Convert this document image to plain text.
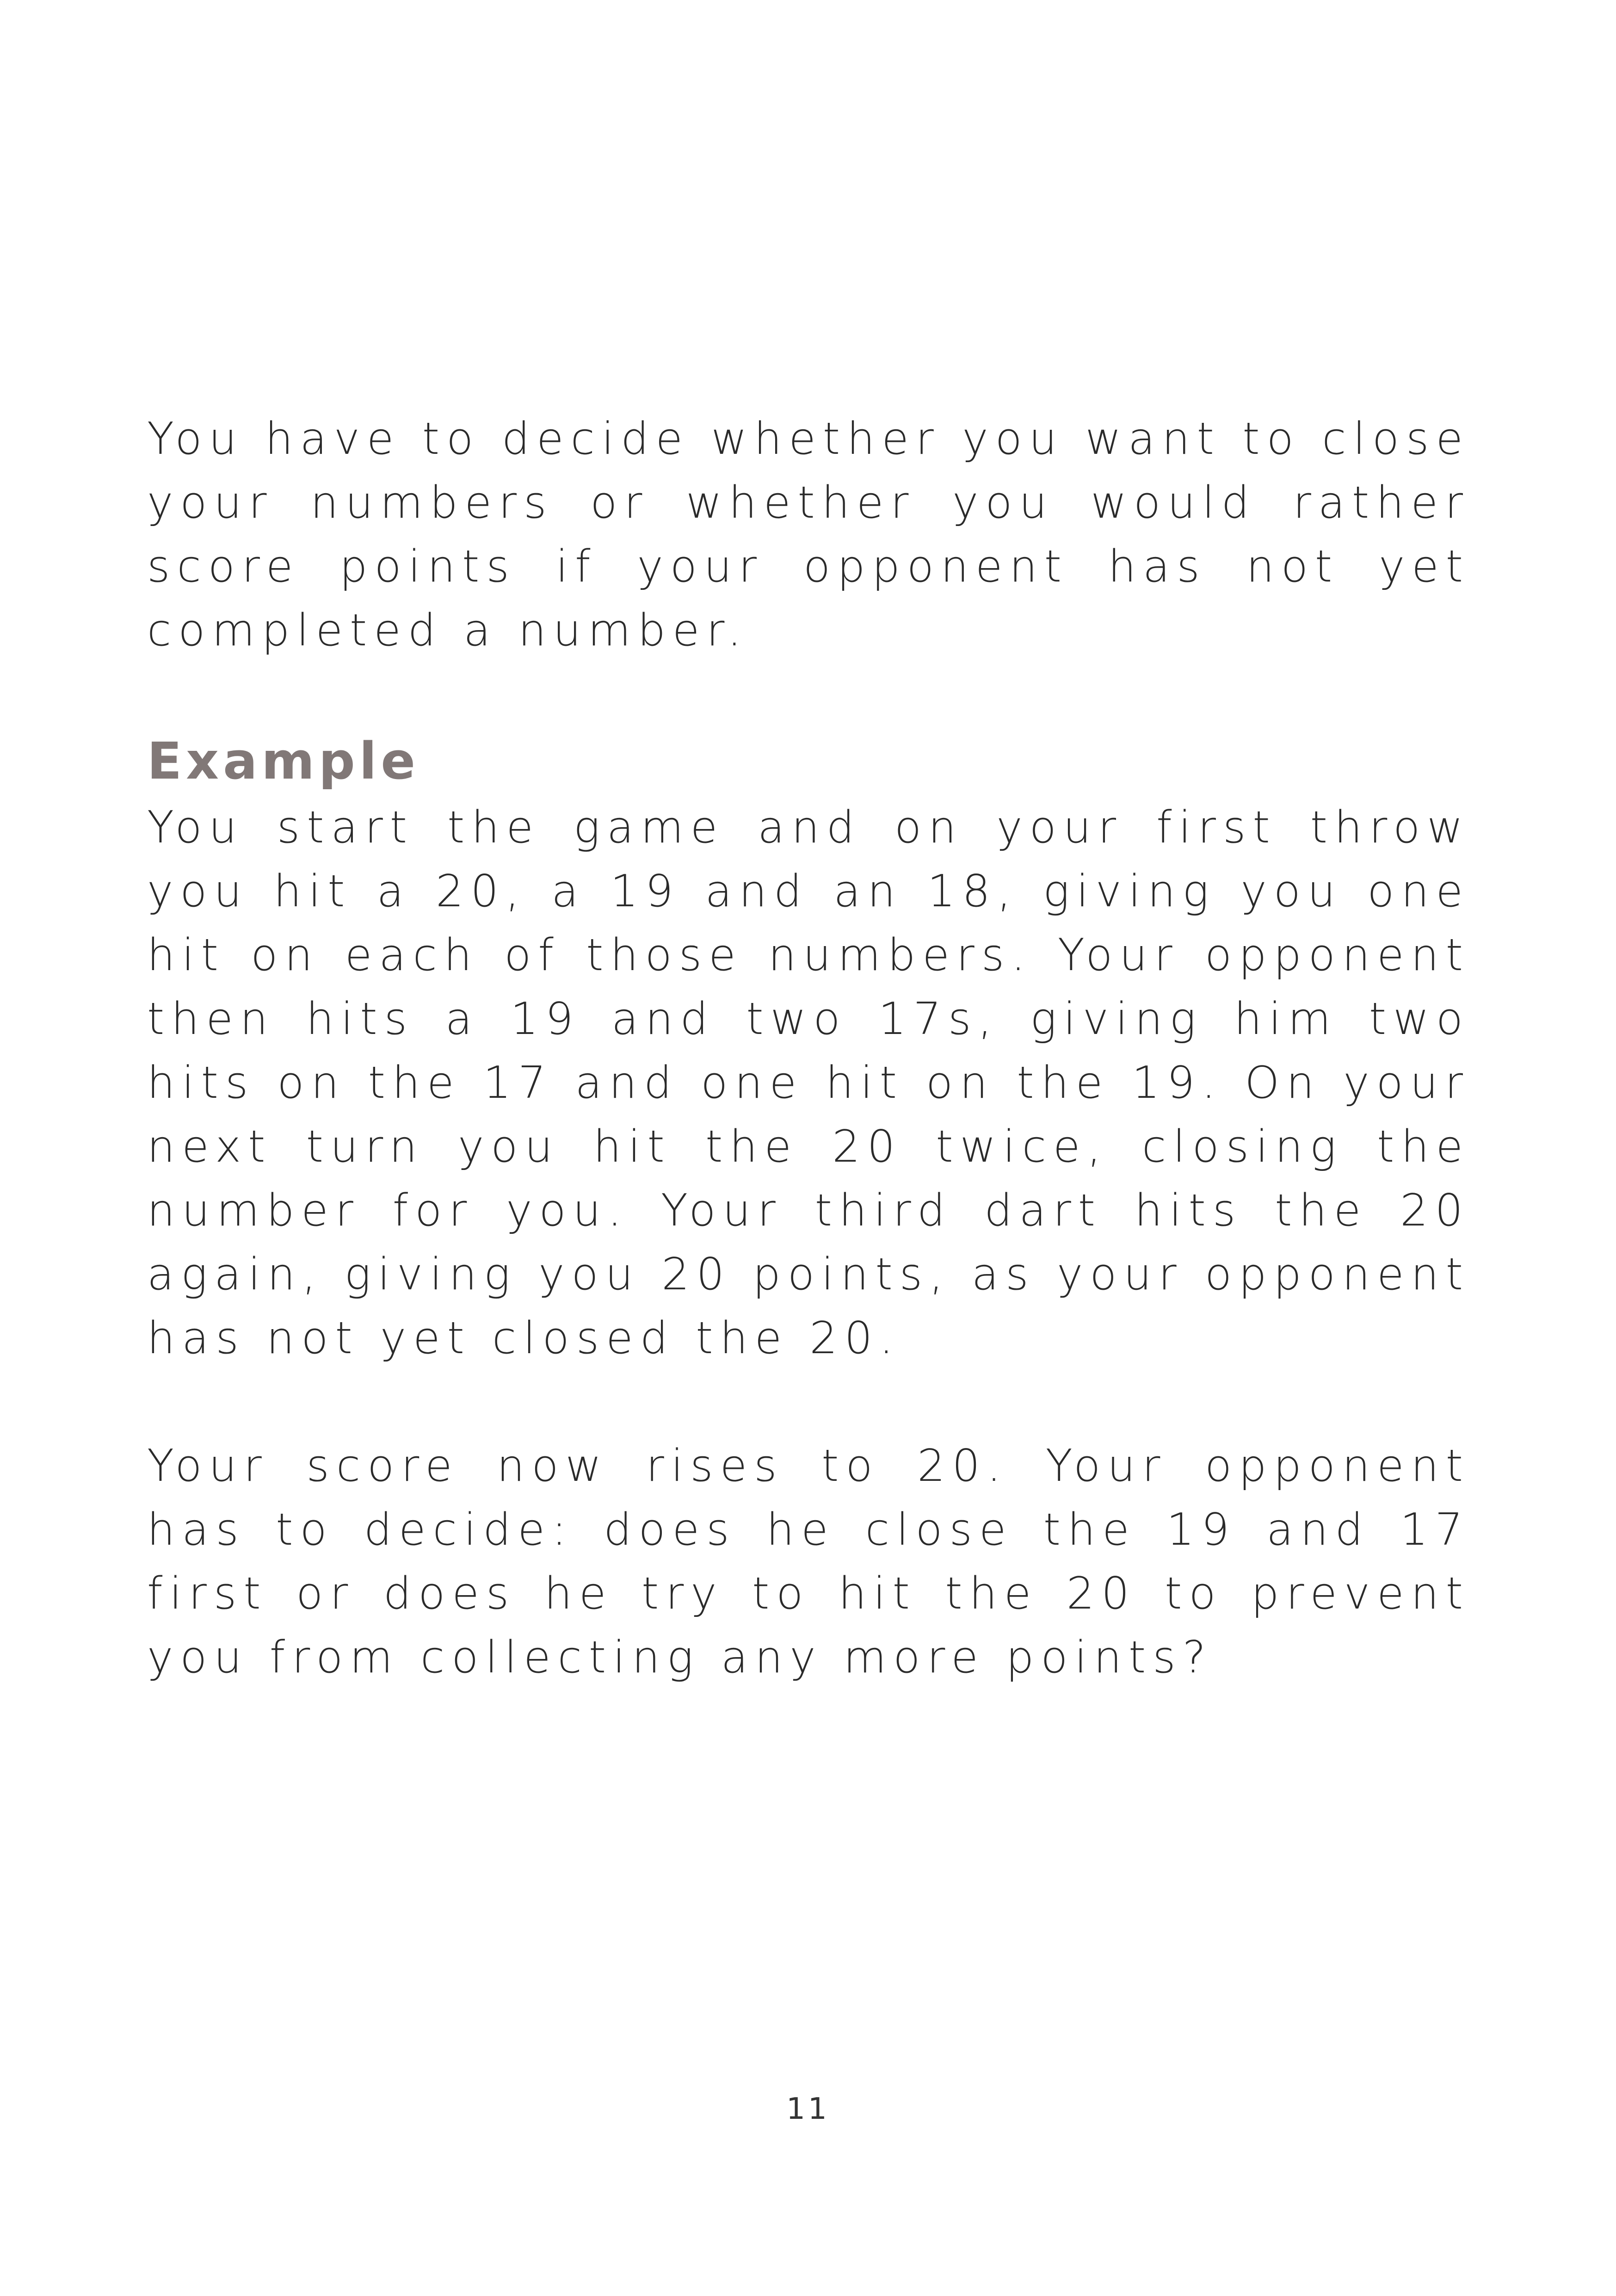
You have to decide whether you want to close your numbers or whether you would rather score points if your opponent has not yet completed a number.

Example

You start the game and on your first throw you hit a 20, a 19 and an 18, giving you one hit on each of those numbers. Your opponent then hits a 19 and two 17s, giving him two hits on the 17 and one hit on the 19. On your next turn you hit the 20 twice, closing the number for you. Your third dart hits the 20 again, giving you 20 points, as your opponent has not yet closed the 20.

Your score now rises to 20. Your opponent has to decide: does he close the 19 and 17 first or does he try to hit the 20 to prevent you from collecting any more points?

11
